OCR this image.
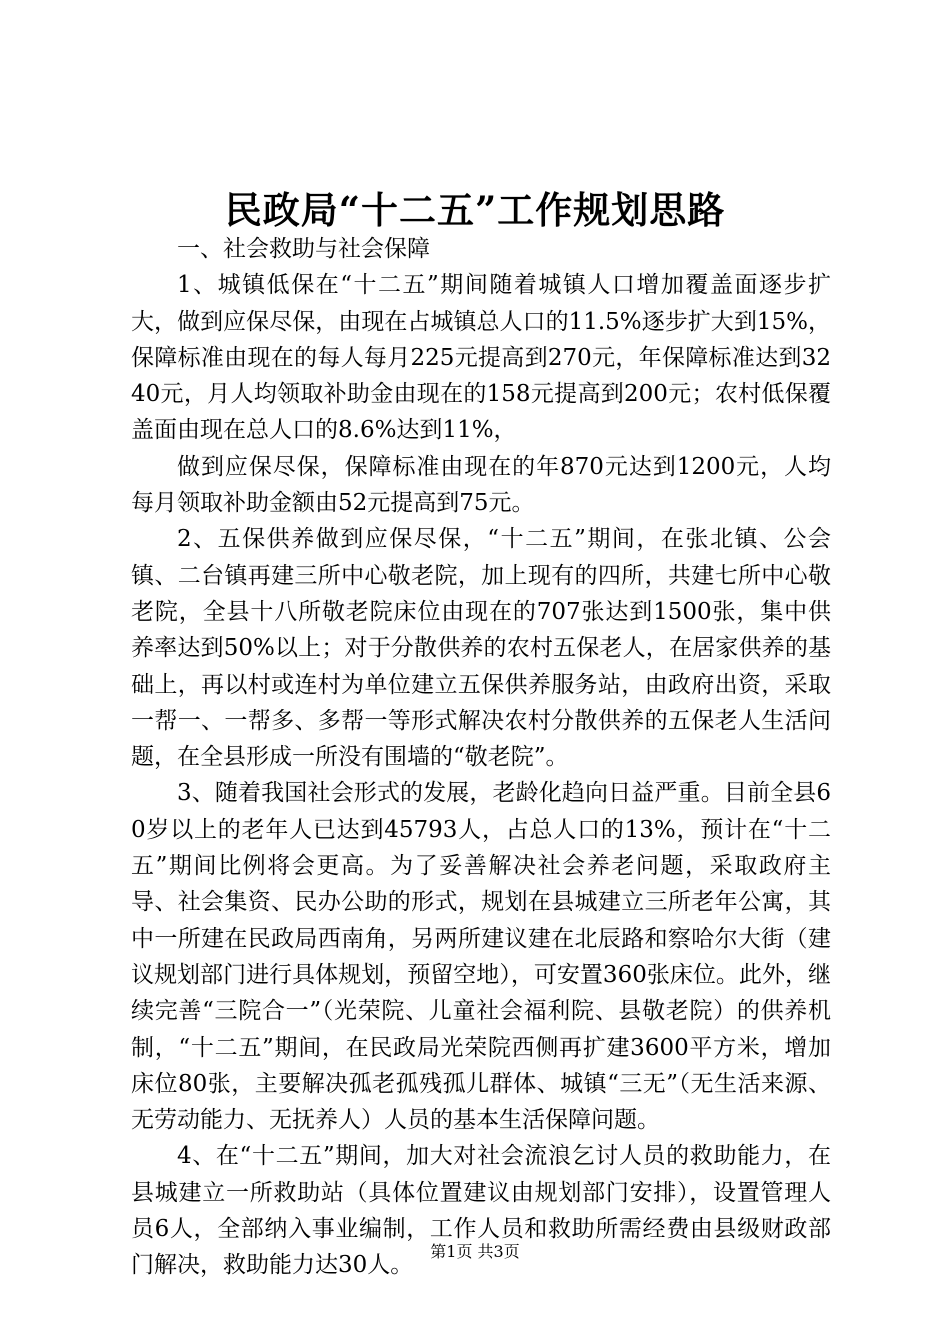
民政局“十二五”工作规划思路

一、社会救助与社会保障

1、城镇低保在“十二五”期间随着城镇人口增加覆盖面逐步扩大，做到应保尽保，由现在占城镇总人口的11.5%逐步扩大到15%，保障标准由现在的每人每月225元提高到270元，年保障标准达到3240元，月人均领取补助金由现在的158元提高到200元；农村低保覆盖面由现在总人口的8.6%达到11%，

做到应保尽保，保障标准由现在的年870元达到1200元，人均每月领取补助金额由52元提高到75元。

2、五保供养做到应保尽保，“十二五”期间，在张北镇、公会镇、二台镇再建三所中心敬老院，加上现有的四所，共建七所中心敬老院，全县十八所敬老院床位由现在的707张达到1500张，集中供养率达到50%以上；对于分散供养的农村五保老人，在居家供养的基础上，再以村或连村为单位建立五保供养服务站，由政府出资，采取一帮一、一帮多、多帮一等形式解决农村分散供养的五保老人生活问题，在全县形成一所没有围墙的“敬老院”。

3、随着我国社会形式的发展，老龄化趋向日益严重。目前全县60岁以上的老年人已达到45793人，占总人口的13%，预计在“十二五”期间比例将会更高。为了妥善解决社会养老问题，采取政府主导、社会集资、民办公助的形式，规划在县城建立三所老年公寓，其中一所建在民政局西南角，另两所建议建在北辰路和察哈尔大街（建议规划部门进行具体规划，预留空地），可安置360张床位。此外，继续完善“三院合一”（光荣院、儿童社会福利院、县敬老院）的供养机制，“十二五”期间，在民政局光荣院西侧再扩建3600平方米，增加床位80张，主要解决孤老孤残孤儿群体、城镇“三无”（无生活来源、无劳动能力、无抚养人）人员的基本生活保障问题。

4、在“十二五”期间，加大对社会流浪乞讨人员的救助能力，在县城建立一所救助站（具体位置建议由规划部门安排），设置管理人员6人，全部纳入事业编制，工作人员和救助所需经费由县级财政部门解决，救助能力达30人。

第1页 共3页
